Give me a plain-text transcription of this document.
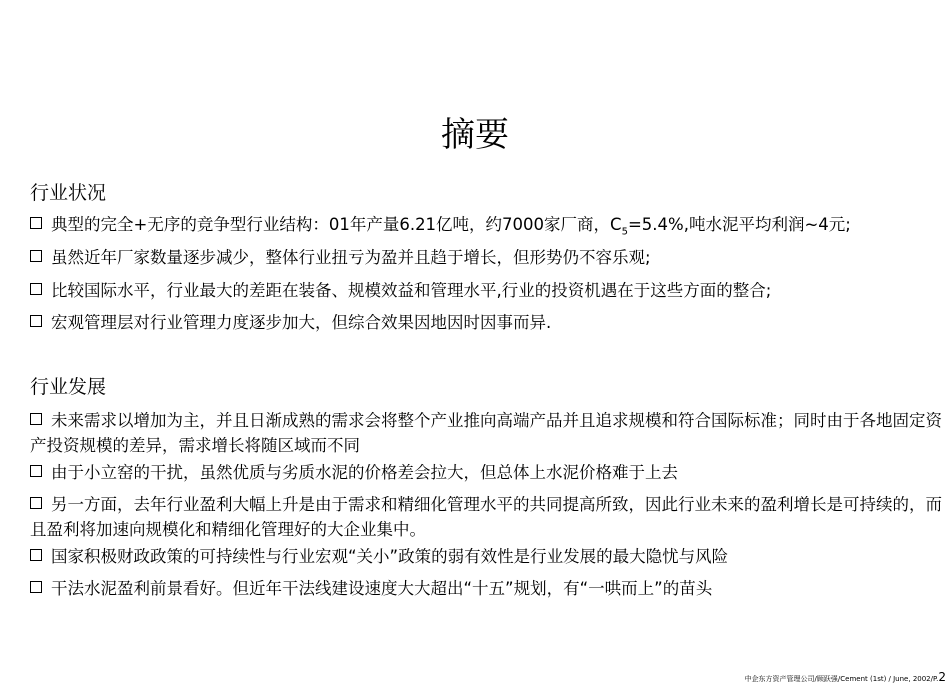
摘要
行业状况
典型的完全+无序的竞争型行业结构：01年产量6.21亿吨，约7000家厂商，$C_5=5.4\%$,吨水泥平均利润~4元;
虽然近年厂家数量逐步减少，整体行业扭亏为盈并且趋于增长，但形势仍不容乐观;
比较国际水平，行业最大的差距在装备、规模效益和管理水平,行业的投资机遇在于这些方面的整合;
宏观管理层对行业管理力度逐步加大，但综合效果因地因时因事而异.
行业发展
未来需求以增加为主，并且日渐成熟的需求会将整个产业推向高端产品并且追求规模和符合国际标准；同时由于各地固定资产投资规模的差异，需求增长将随区域而不同
由于小立窑的干扰，虽然优质与劣质水泥的价格差会拉大，但总体上水泥价格难于上去
另一方面，去年行业盈利大幅上升是由于需求和精细化管理水平的共同提高所致，因此行业未来的盈利增长是可持续的，而且盈利将加速向规模化和精细化管理好的大企业集中。
国家积极财政政策的可持续性与行业宏观“关小”政策的弱有效性是行业发展的最大隐忧与风险
干法水泥盈利前景看好。但近年干法线建设速度大大超出“十五”规划，有“一哄而上”的苗头
中企东方资产管理公司/顾跃强/Cement (1st) / June, 2002/P.2
